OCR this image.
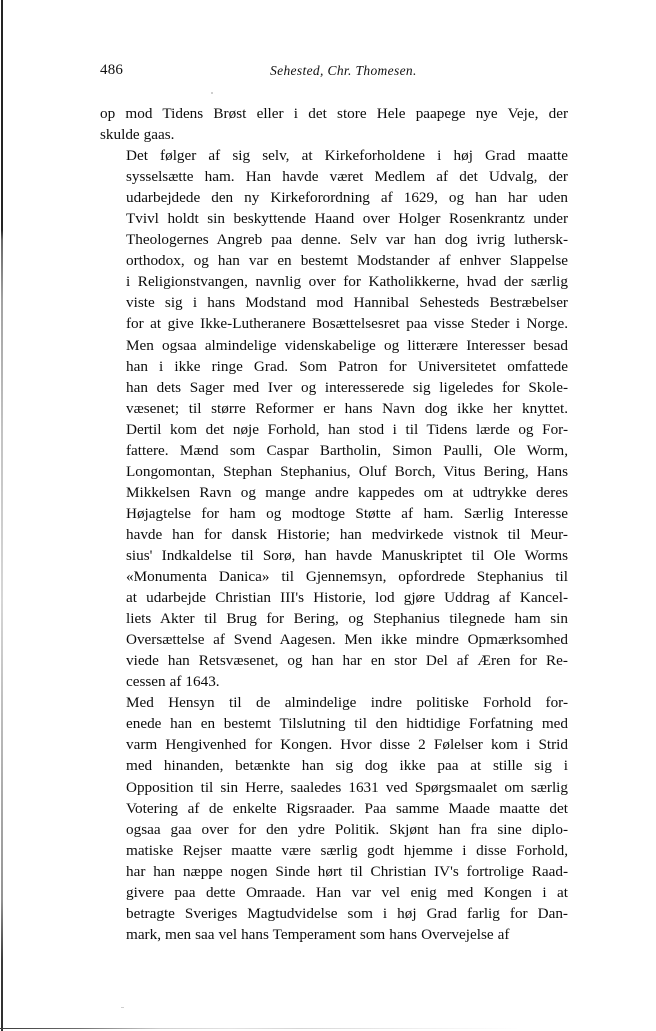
486	Sehested, Chr. Thomesen.

op mod Tidens Brøst eller i det store Hele paapege nye Veje, der
skulde gaas.

Det følger af sig selv, at Kirkeforholdene i høj Grad maatte
sysselsætte ham. Han havde været Medlem af det Udvalg, der
udarbejdede den ny Kirkeforordning af 1629, og han har uden
Tvivl holdt sin beskyttende Haand over Holger Rosenkrantz under
Theologernes Angreb paa denne. Selv var han dog ivrig luthersk-
orthodox, og han var en bestemt Modstander af enhver Slappelse
i Religionstvangen, navnlig over for Katholikkerne, hvad der særlig
viste sig i hans Modstand mod Hannibal Sehesteds Bestræbelser
for at give Ikke-Lutheranere Bosættelsesret paa visse Steder i Norge.
Men ogsaa almindelige videnskabelige og litterære Interesser besad
han i ikke ringe Grad. Som Patron for Universitetet omfattede
han dets Sager med Iver og interesserede sig ligeledes for Skole-
væsenet; til større Reformer er hans Navn dog ikke her knyttet.
Dertil kom det nøje Forhold, han stod i til Tidens lærde og For-
fattere. Mænd som Caspar Bartholin, Simon Paulli, Ole Worm,
Longomontan, Stephan Stephanius, Oluf Borch, Vitus Bering, Hans
Mikkelsen Ravn og mange andre kappedes om at udtrykke deres
Højagtelse for ham og modtoge Støtte af ham. Særlig Interesse
havde han for dansk Historie; han medvirkede vistnok til Meur-
sius' Indkaldelse til Sorø, han havde Manuskriptet til Ole Worms
«Monumenta Danica» til Gjennemsyn, opfordrede Stephanius til
at udarbejde Christian III's Historie, lod gjøre Uddrag af Kancel-
liets Akter til Brug for Bering, og Stephanius tilegnede ham sin
Oversættelse af Svend Aagesen. Men ikke mindre Opmærksomhed
viede han Retsvæsenet, og han har en stor Del af Æren for Re-
cessen af 1643.

Med Hensyn til de almindelige indre politiske Forhold for-
enede han en bestemt Tilslutning til den hidtidige Forfatning med
varm Hengivenhed for Kongen. Hvor disse 2 Følelser kom i Strid
med hinanden, betænkte han sig dog ikke paa at stille sig i
Opposition til sin Herre, saaledes 1631 ved Spørgsmaalet om særlig
Votering af de enkelte Rigsraader. Paa samme Maade maatte det
ogsaa gaa over for den ydre Politik. Skjønt han fra sine diplo-
matiske Rejser maatte være særlig godt hjemme i disse Forhold,
har han næppe nogen Sinde hørt til Christian IV's fortrolige Raad-
givere paa dette Omraade. Han var vel enig med Kongen i at
betragte Sveriges Magtudvidelse som i høj Grad farlig for Dan-
mark, men saa vel hans Temperament som hans Overvejelse af
